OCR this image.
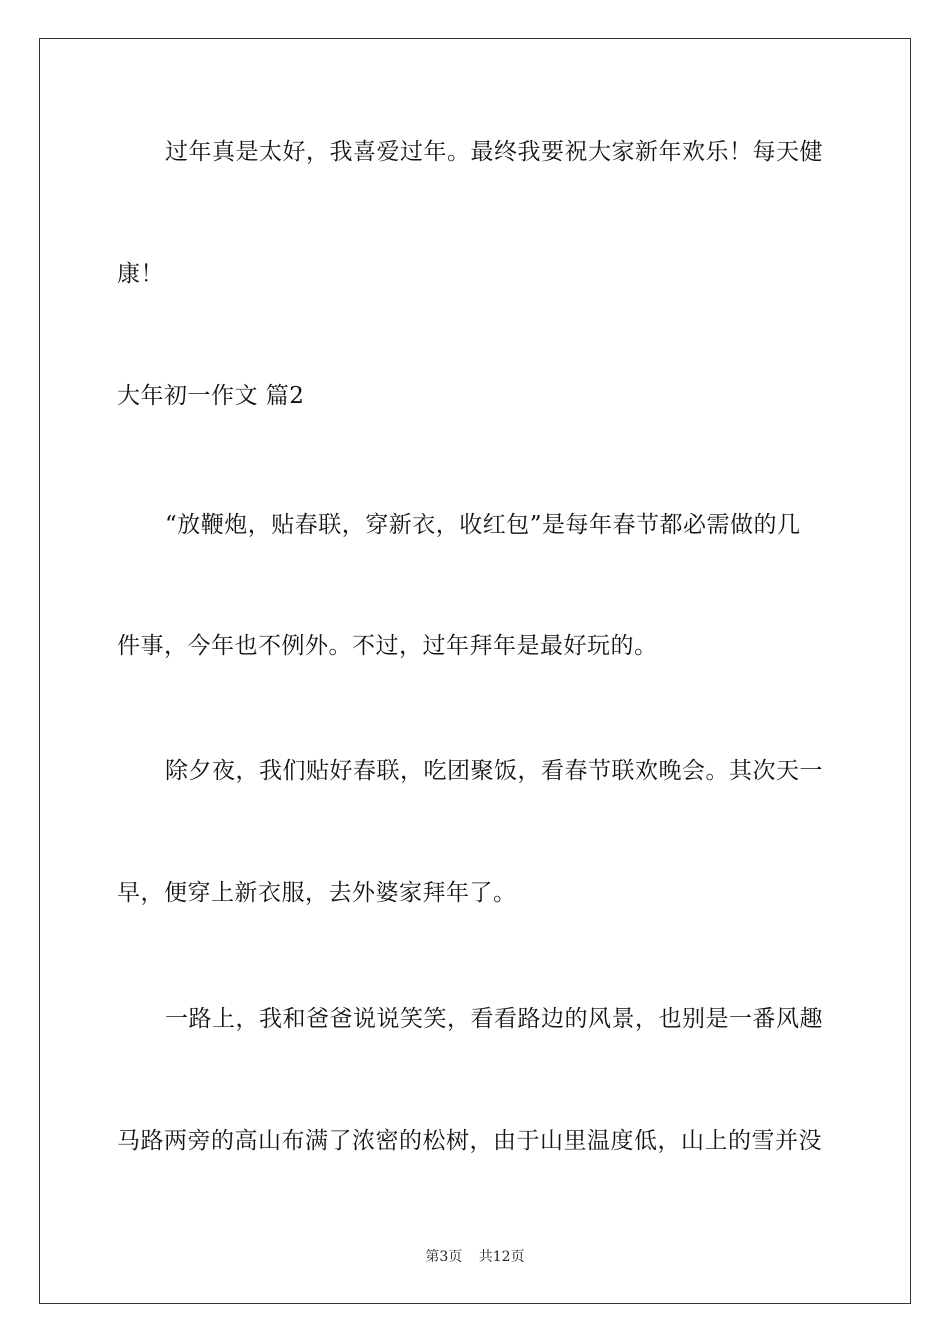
过年真是太好，我喜爱过年。最终我要祝大家新年欢乐！每天健
康！
大年初一作文 篇2
“放鞭炮，贴春联，穿新衣，收红包”是每年春节都必需做的几
件事，今年也不例外。不过，过年拜年是最好玩的。
除夕夜，我们贴好春联，吃团聚饭，看春节联欢晚会。其次天一
早，便穿上新衣服，去外婆家拜年了。
一路上，我和爸爸说说笑笑，看看路边的风景，也别是一番风趣
马路两旁的高山布满了浓密的松树，由于山里温度低，山上的雪并没
第3页 共12页
